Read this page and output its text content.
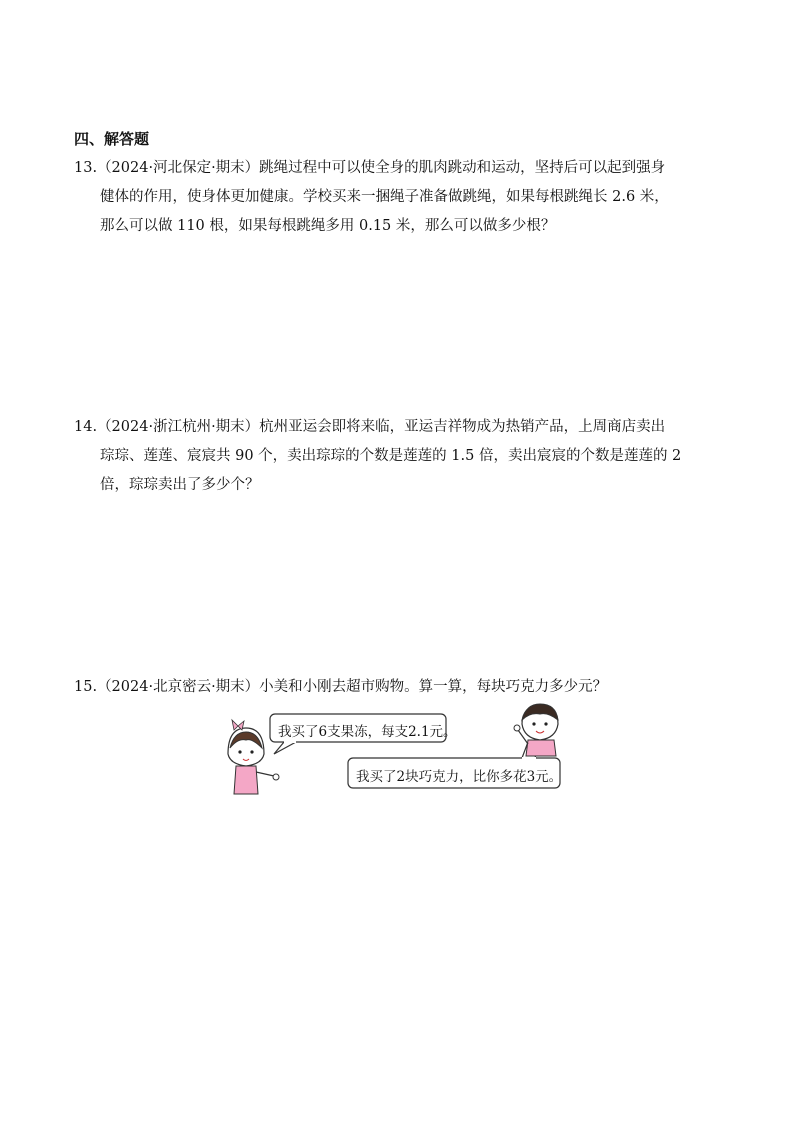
四、解答题
13.（2024·河北保定·期末）跳绳过程中可以使全身的肌肉跳动和运动，坚持后可以起到强身
健体的作用，使身体更加健康。学校买来一捆绳子准备做跳绳，如果每根跳绳长 2.6 米，
那么可以做 110 根，如果每根跳绳多用 0.15 米，那么可以做多少根？
14.（2024·浙江杭州·期末）杭州亚运会即将来临，亚运吉祥物成为热销产品，上周商店卖出
琮琮、莲莲、宸宸共 90 个，卖出琮琮的个数是莲莲的 1.5 倍，卖出宸宸的个数是莲莲的 2
倍，琮琮卖出了多少个？
15.（2024·北京密云·期末）小美和小刚去超市购物。算一算，每块巧克力多少元？
我买了6支果冻，每支2.1元。
我买了2块巧克力，比你多花3元。
